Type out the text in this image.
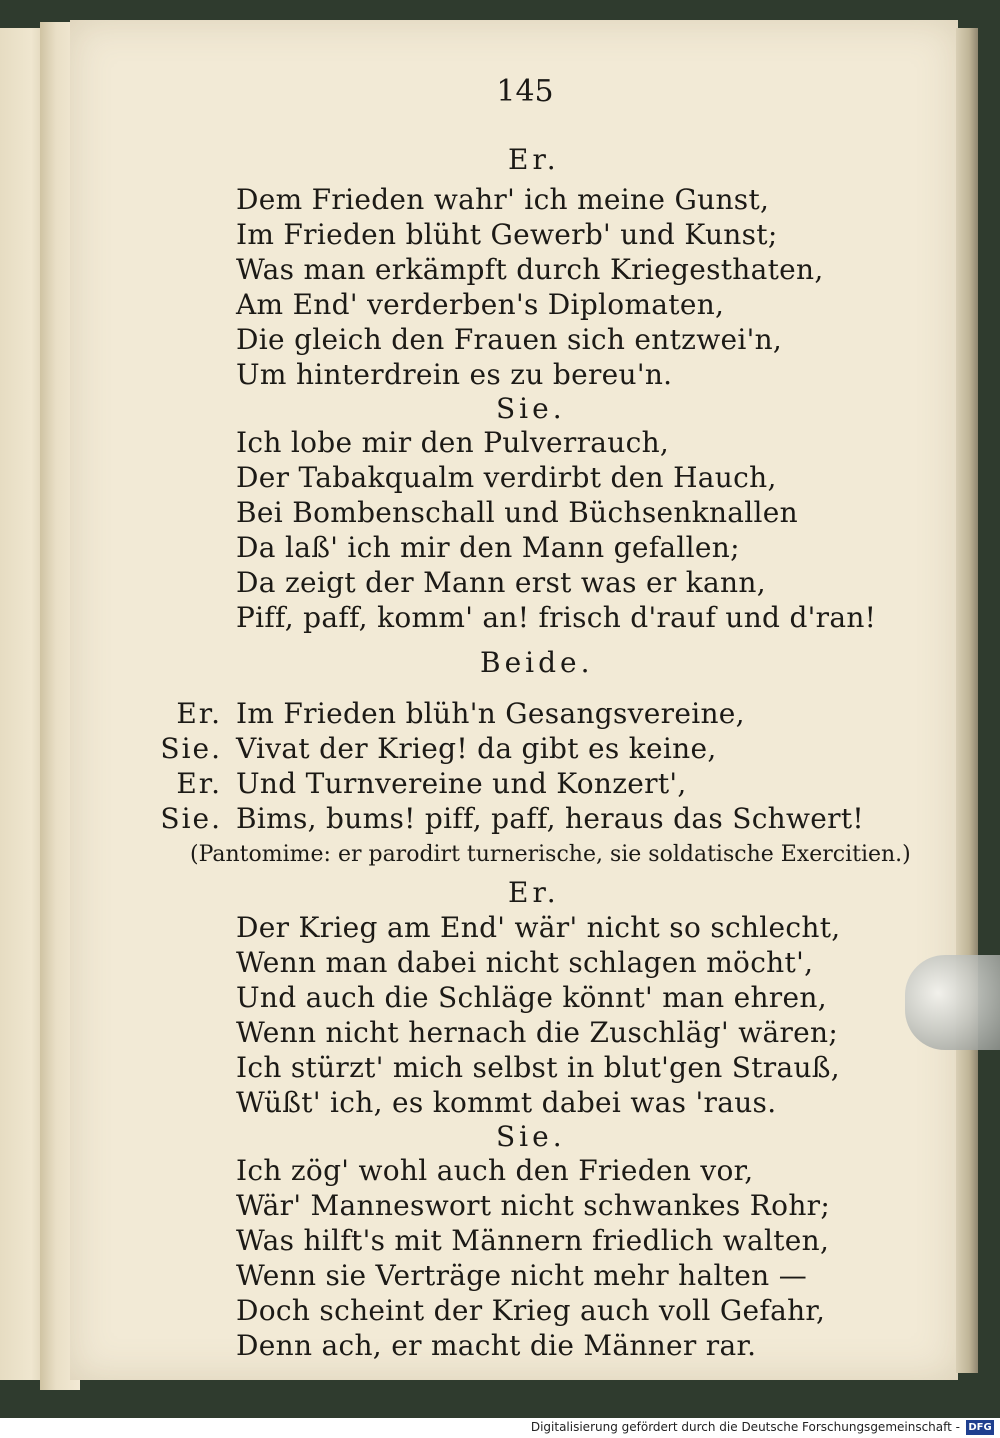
145
Er.
Dem Frieden wahr' ich meine Gunst,
Im Frieden blüht Gewerb' und Kunst;
Was man erkämpft durch Kriegesthaten,
Am End' verderben's Diplomaten,
Die gleich den Frauen sich entzwei'n,
Um hinterdrein es zu bereu'n.
Sie.
Ich lobe mir den Pulverrauch,
Der Tabakqualm verdirbt den Hauch,
Bei Bombenschall und Büchsenknallen
Da laß' ich mir den Mann gefallen;
Da zeigt der Mann erst was er kann,
Piff, paff, komm' an! frisch d'rauf und d'ran!
Beide.
Er. Im Frieden blüh'n Gesangsvereine,
Sie. Vivat der Krieg! da gibt es keine,
Er. Und Turnvereine und Konzert',
Sie. Bims, bums! piff, paff, heraus das Schwert!
(Pantomime: er parodirt turnerische, sie soldatische Exercitien.)
Er.
Der Krieg am End' wär' nicht so schlecht,
Wenn man dabei nicht schlagen möcht',
Und auch die Schläge könnt' man ehren,
Wenn nicht hernach die Zuschläg' wären;
Ich stürzt' mich selbst in blut'gen Strauß,
Wüßt' ich, es kommt dabei was 'raus.
Sie.
Ich zög' wohl auch den Frieden vor,
Wär' Manneswort nicht schwankes Rohr;
Was hilft's mit Männern friedlich walten,
Wenn sie Verträge nicht mehr halten —
Doch scheint der Krieg auch voll Gefahr,
Denn ach, er macht die Männer rar.
Digitalisierung gefördert durch die Deutsche Forschungsgemeinschaft - DFG
